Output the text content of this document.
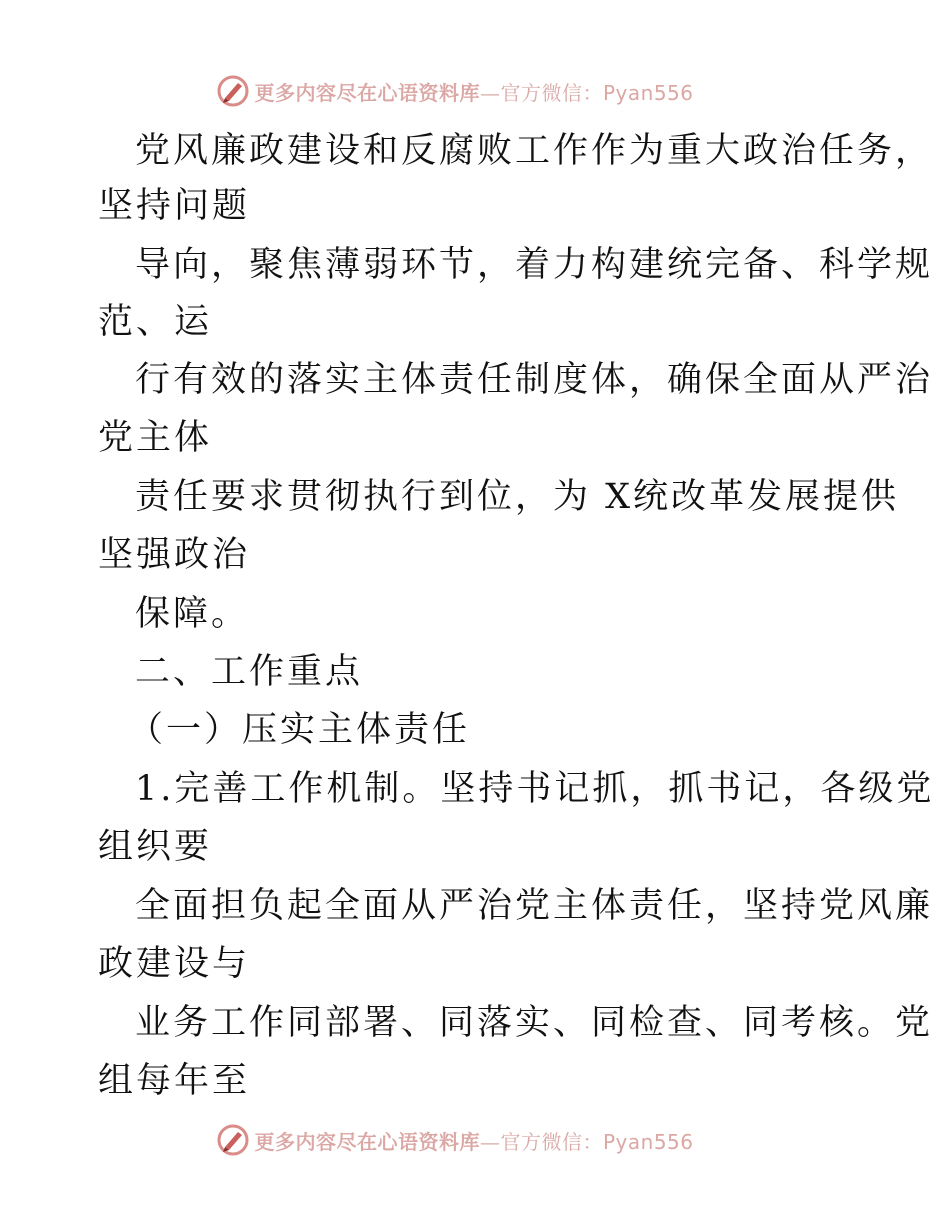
更多内容尽在心语资料库—官方微信：Pyan556
党风廉政建设和反腐败工作作为重大政治任务，
坚持问题
导向，聚焦薄弱环节，着力构建统完备、科学规
范、运
行有效的落实主体责任制度体，确保全面从严治
党主体
责任要求贯彻执行到位，为 X统改革发展提供
坚强政治
保障。
二、工作重点
（一）压实主体责任
1.完善工作机制。坚持书记抓，抓书记，各级党
组织要
全面担负起全面从严治党主体责任，坚持党风廉
政建设与
业务工作同部署、同落实、同检查、同考核。党
组每年至
更多内容尽在心语资料库—官方微信：Pyan556
